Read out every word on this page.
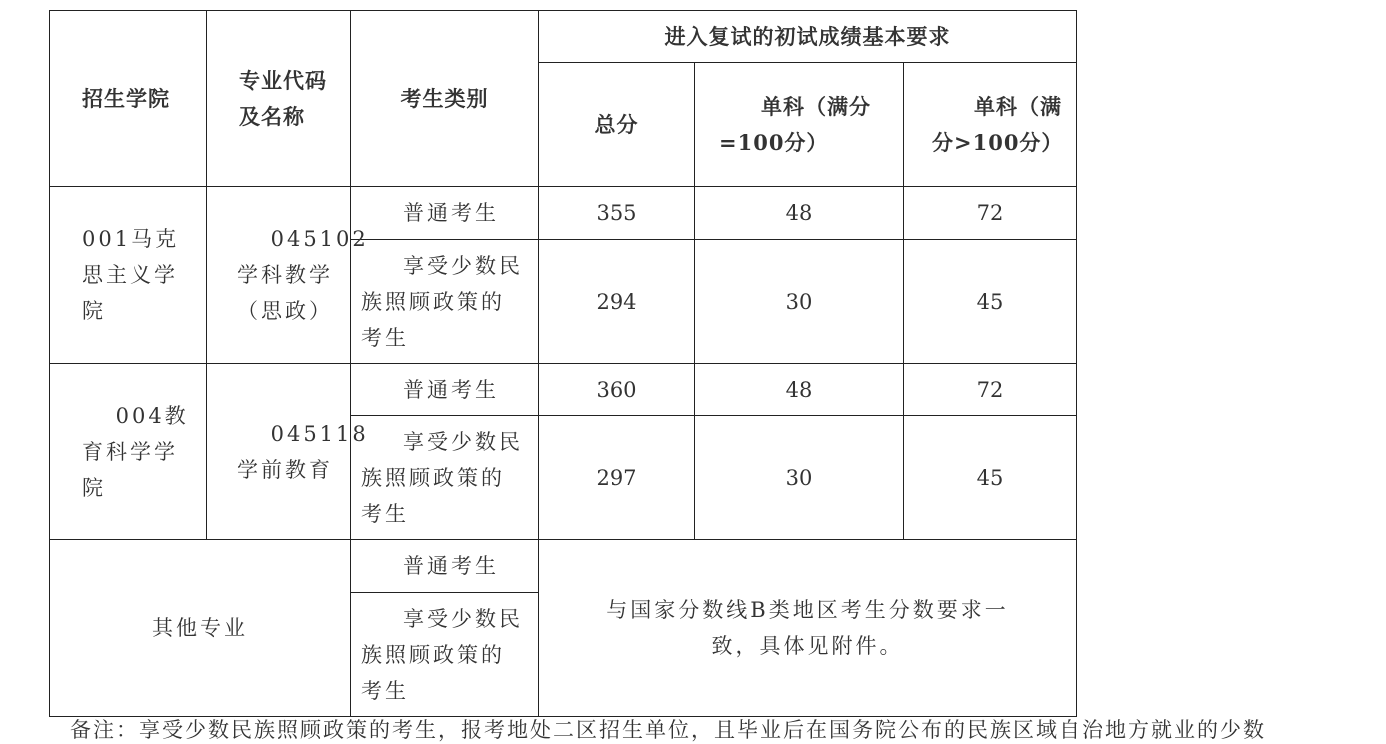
招生学院	专业代码及名称	考生类别	进入复试的初试成绩基本要求		
			总分	单科（满分=100分）	单科（满分>100分）
001马克思主义学院	045102学科教学（思政）	普通考生	355	48	72
		享受少数民族照顾政策的考生	294	30	45
004教育科学学院	045118学前教育	普通考生	360	48	72
		享受少数民族照顾政策的考生	297	30	45
其他专业		普通考生	与国家分数线B类地区考生分数要求一致，具体见附件。		
		享受少数民族照顾政策的考生			
备注：享受少数民族照顾政策的考生，报考地处二区招生单位，且毕业后在国务院公布的民族区域自治地方就业的少数
